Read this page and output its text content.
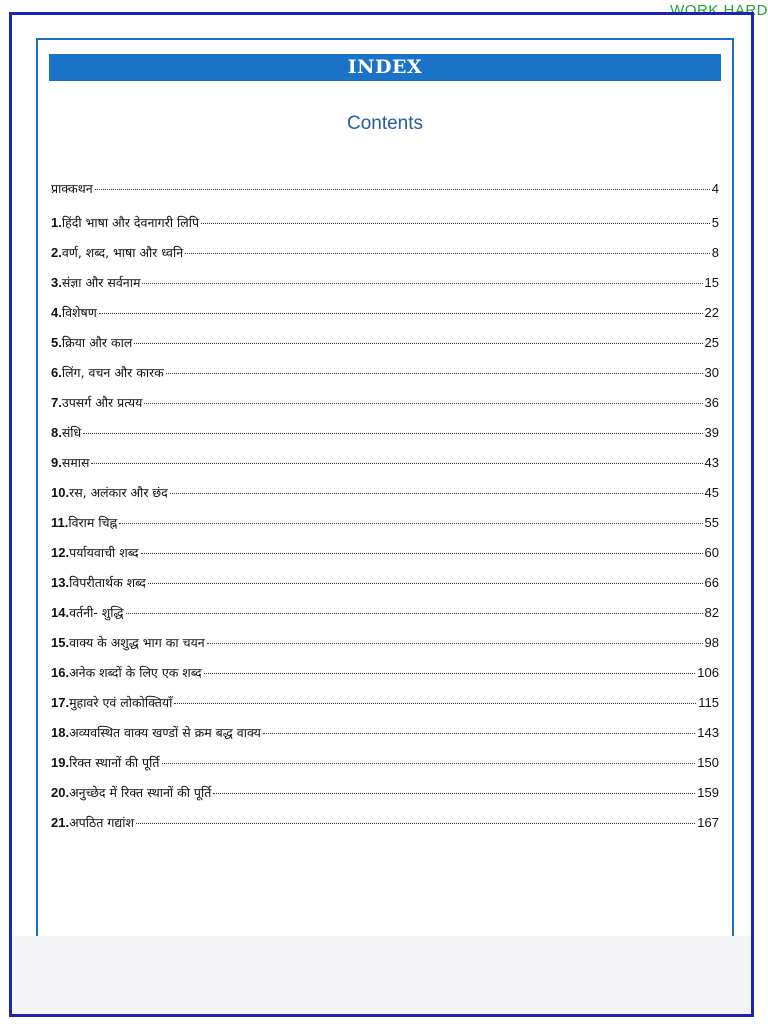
WORK HARD
INDEX
Contents
प्राक्कथन	4
1. हिंदी भाषा और देवनागरी लिपि	5
2. वर्ण, शब्द, भाषा और ध्वनि	8
3. संज्ञा और सर्वनाम	15
4. विशेषण	22
5. क्रिया और काल	25
6. लिंग, वचन और कारक	30
7. उपसर्ग और प्रत्यय	36
8. संधि	39
9. समास	43
10. रस, अलंकार और छंद	45
11. विराम चिह्न	55
12. पर्यायवाची शब्द	60
13. विपरीतार्थक शब्द	66
14. वर्तनी- शुद्धि	82
15. वाक्य के अशुद्ध भाग का चयन	98
16. अनेक शब्दों के लिए एक शब्द	106
17. मुहावरे एवं लोकोक्तियाँ	115
18. अव्यवस्थित वाक्य खण्डों से क्रम बद्ध वाक्य	143
19. रिक्त स्थानों की पूर्ति	150
20. अनुच्छेद में रिक्त स्थानों की पूर्ति	159
21. अपठित गद्यांश	167
